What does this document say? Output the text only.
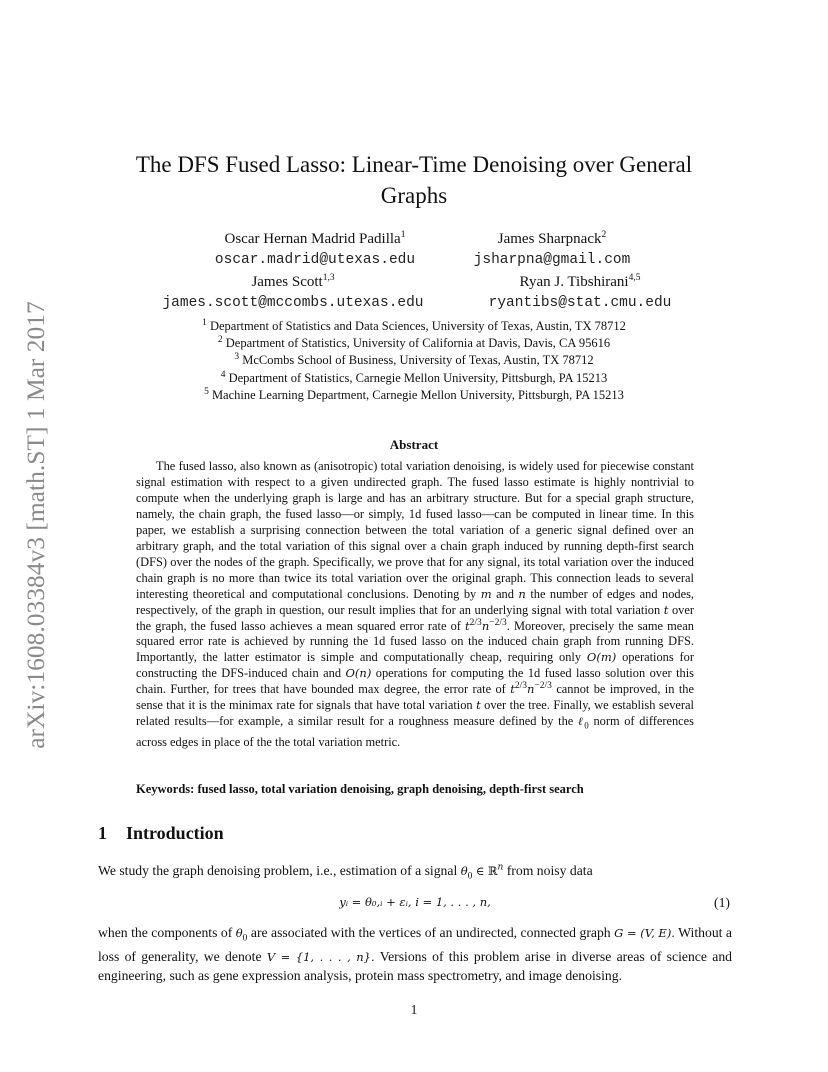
arXiv:1608.03384v3 [math.ST] 1 Mar 2017
The DFS Fused Lasso: Linear-Time Denoising over General Graphs
Oscar Hernan Madrid Padilla$^1$
oscar.madrid@utexas.edu
James Sharpnack$^2$
jsharpna@gmail.com
James Scott$^{1,3}$
james.scott@mccombs.utexas.edu
Ryan J. Tibshirani$^{4,5}$
ryantibs@stat.cmu.edu
$^1$ Department of Statistics and Data Sciences, University of Texas, Austin, TX 78712
$^2$ Department of Statistics, University of California at Davis, Davis, CA 95616
$^3$ McCombs School of Business, University of Texas, Austin, TX 78712
$^4$ Department of Statistics, Carnegie Mellon University, Pittsburgh, PA 15213
$^5$ Machine Learning Department, Carnegie Mellon University, Pittsburgh, PA 15213
Abstract

The fused lasso, also known as (anisotropic) total variation denoising, is widely used for piecewise constant signal estimation with respect to a given undirected graph. The fused lasso estimate is highly nontrivial to compute when the underlying graph is large and has an arbitrary structure. But for a special graph structure, namely, the chain graph, the fused lasso—or simply, 1d fused lasso—can be computed in linear time. In this paper, we establish a surprising connection between the total variation of a generic signal defined over an arbitrary graph, and the total variation of this signal over a chain graph induced by running depth-first search (DFS) over the nodes of the graph. Specifically, we prove that for any signal, its total variation over the induced chain graph is no more than twice its total variation over the original graph. This connection leads to several interesting theoretical and computational conclusions. Denoting by m and n the number of edges and nodes, respectively, of the graph in question, our result implies that for an underlying signal with total variation t over the graph, the fused lasso achieves a mean squared error rate of $t^{2/3}n^{-2/3}$. Moreover, precisely the same mean squared error rate is achieved by running the 1d fused lasso on the induced chain graph from running DFS. Importantly, the latter estimator is simple and computationally cheap, requiring only O(m) operations for constructing the DFS-induced chain and O(n) operations for computing the 1d fused lasso solution over this chain. Further, for trees that have bounded max degree, the error rate of $t^{2/3}n^{-2/3}$ cannot be improved, in the sense that it is the minimax rate for signals that have total variation t over the tree. Finally, we establish several related results—for example, a similar result for a roughness measure defined by the ℓ$_0$ norm of differences across edges in place of the the total variation metric.

Keywords: fused lasso, total variation denoising, graph denoising, depth-first search
1 Introduction
We study the graph denoising problem, i.e., estimation of a signal $\theta_0$ ∈ ℝ$^n$ from noisy data
yᵢ = θ₀,ᵢ + εᵢ, i = 1, . . . , n,	(1)

when the components of $\theta_0$ are associated with the vertices of an undirected, connected graph G = (V, E). Without a loss of generality, we denote V = {1, . . . , n}. Versions of this problem arise in diverse areas of science and engineering, such as gene expression analysis, protein mass spectrometry, and image denoising.

1
